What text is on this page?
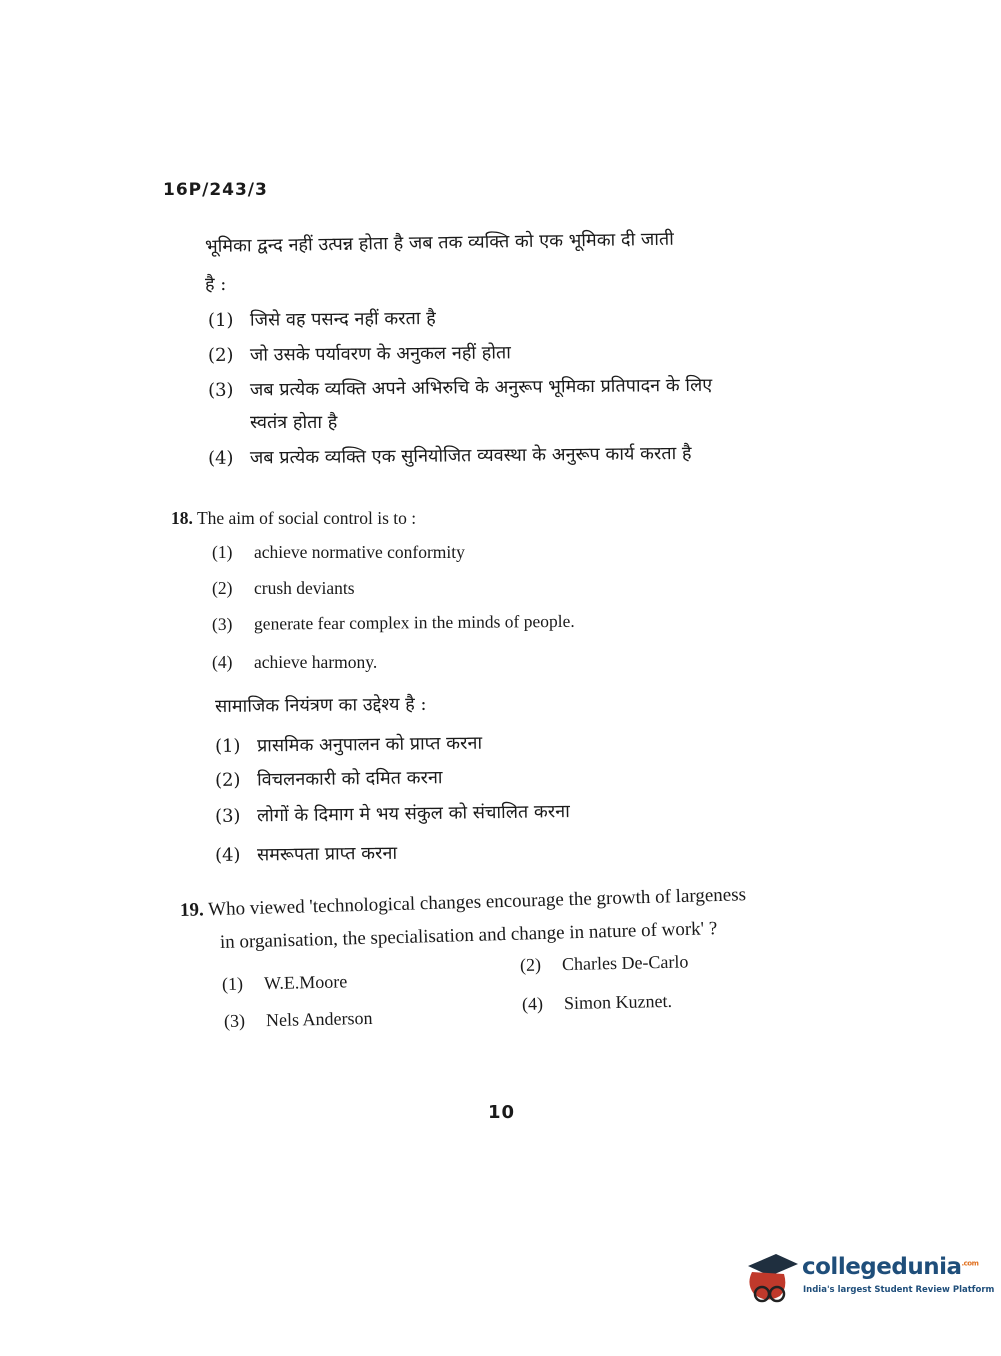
16P/243/3
भूमिका द्वन्द नहीं उत्पन्न होता है जब तक व्यक्ति को एक भूमिका दी जाती
है :
(1) जिसे वह पसन्द नहीं करता है
(2) जो उसके पर्यावरण के अनुकल नहीं होता
(3) जब प्रत्येक व्यक्ति अपने अभिरुचि के अनुरूप भूमिका प्रतिपादन के लिए
स्वतंत्र होता है
(4) जब प्रत्येक व्यक्ति एक सुनियोजित व्यवस्था के अनुरूप कार्य करता है
18. The aim of social control is to :
(1) achieve normative conformity
(2) crush deviants
(3) generate fear complex in the minds of people.
(4) achieve harmony.
सामाजिक नियंत्रण का उद्देश्य है :
(1) प्रासमिक अनुपालन को प्राप्त करना
(2) विचलनकारी को दमित करना
(3) लोगों के दिमाग मे भय संकुल को संचालित करना
(4) समरूपता प्राप्त करना
19. Who viewed 'technological changes encourage the growth of largeness
in organisation, the specialisation and change in nature of work' ?
(1) W.E.Moore
(2) Charles De-Carlo
(3) Nels Anderson
(4) Simon Kuznet.
10
collegedunia$^{.com}$
India's largest Student Review Platform
